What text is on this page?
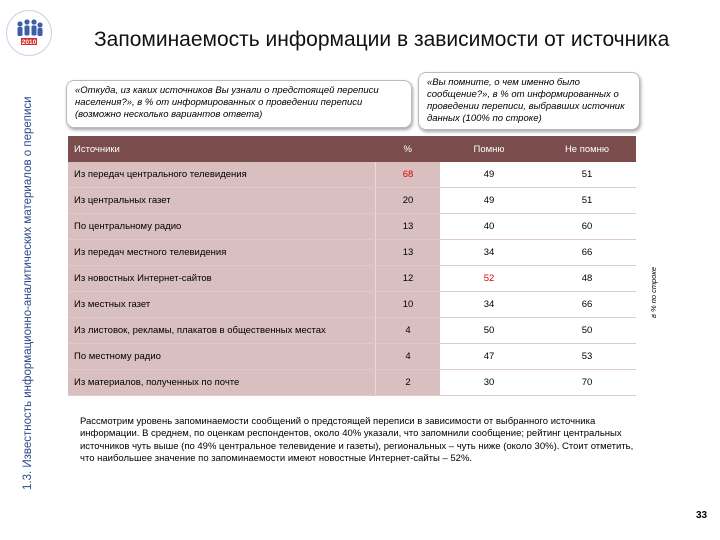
2010
1.3. Известность информационно-аналитических материалов о переписи
Запоминаемость информации в зависимости от источника
«Откуда, из каких источников Вы узнали о предстоящей переписи населения?», в % от информированных о проведении переписи (возможно несколько вариантов ответа)
«Вы помните, о чем именно было сообщение?», в % от информированных о проведении переписи, выбравших источник данных (100% по строке)
Источники	%	Помню	Не помню
Из передач центрального телевидения	68	49	51
Из центральных газет	20	49	51
По центральному радио	13	40	60
Из передач местного телевидения	13	34	66
Из новостных Интернет-сайтов	12	52	48
Из местных газет	10	34	66
Из листовок, рекламы, плакатов в общественных местах	4	50	50
По местному радио	4	47	53
Из материалов, полученных по почте	2	30	70
в % по строке
Рассмотрим уровень запоминаемости сообщений о предстоящей переписи в зависимости от выбранного источника информации. В среднем, по оценкам респондентов, около 40% указали, что запомнили сообщение; рейтинг центральных источников чуть выше (по 49% центральное телевидение и газеты), региональных – чуть ниже (около 30%). Стоит отметить, что наибольшее значение по запоминаемости имеют новостные Интернет-сайты – 52%.
33
